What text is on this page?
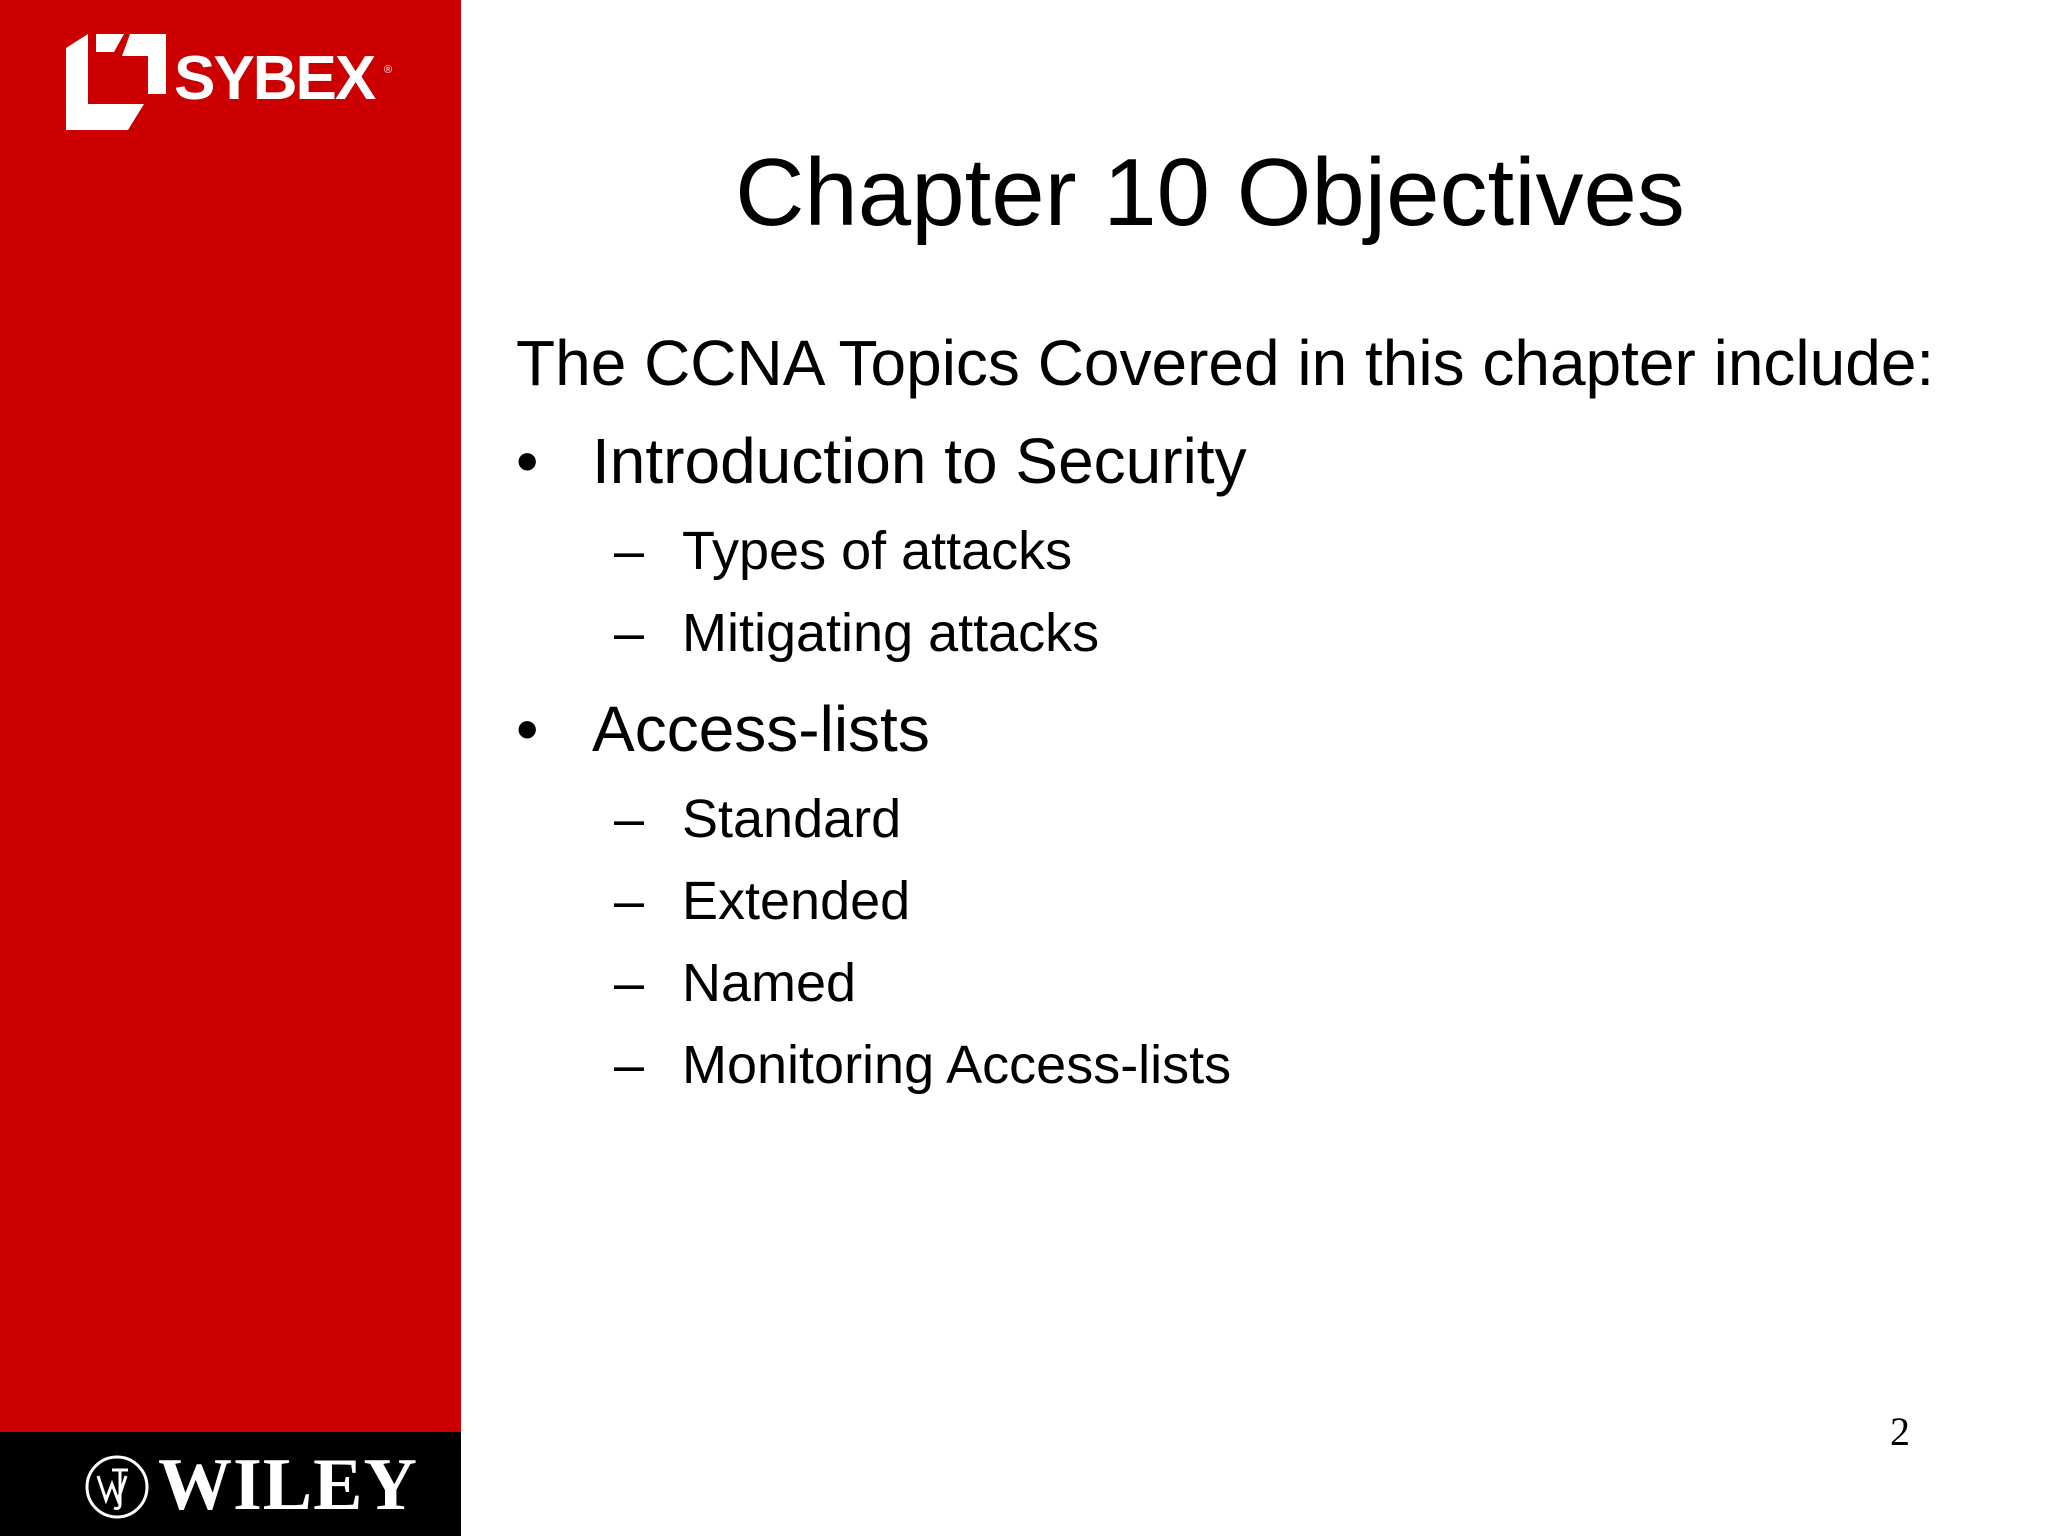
SYBEX ®
WILEY
Chapter 10 Objectives

The CCNA Topics Covered in this chapter include:

• Introduction to Security
– Types of attacks
– Mitigating attacks
• Access-lists
– Standard
– Extended
– Named
– Monitoring Access-lists
2
